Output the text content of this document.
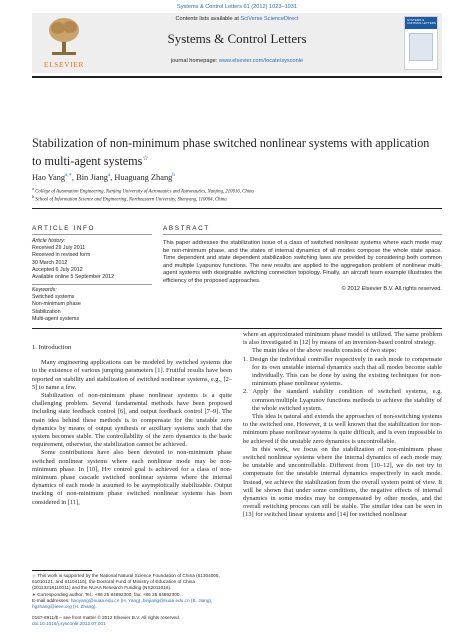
Systems & Control Letters 61 (2012) 1023–1031
ELSEVIER
Contents lists available at SciVerse ScienceDirect
Systems & Control Letters
journal homepage: www.elsevier.com/locate/sysconle
SYSTEMS & CONTROL LETTERS
Stabilization of non-minimum phase switched nonlinear systems with application to multi-agent systems☆
Hao Yang$^{a,∗}$, Bin Jiang$^a$, Huaguang Zhang$^b$
$^a$ College of Automation Engineering, Nanjing University of Aeronautics and Astronautics, Nanjing, 210016, China
$^b$ School of Information Science and Engineering, Northeastern University, Shenyang, 110004, China
ARTICLE INFO	ABSTRACT
Article history:
Received 29 July 2011
Received in revised form
30 March 2012
Accepted 6 July 2012
Available online 5 September 2012
Keywords:
Switched systems
Non-minimum phase
Stabilization
Multi-agent systems
This paper addresses the stabilization issue of a class of switched nonlinear systems where each mode may be non-minimum phase, and the states of internal dynamics of all modes compose the whole state space. Time dependent and state dependent stabilization switching laws are provided by considering both common and multiple Lyapunov functions. The new results are applied to the aggregation problem of nonlinear multi-agent systems with designable switching connection topology. Finally, an aircraft team example illustrates the efficiency of the proposed approaches.
© 2012 Elsevier B.V. All rights reserved.

1. Introduction

Many engineering applications can be modeled by switched systems due to the existence of various jumping parameters [1]. Fruitful results have been reported on stability and stabilization of switched nonlinear systems, e.g., [2–5] to name a few.

Stabilization of non-minimum phase nonlinear systems is a quite challenging problem. Several fundamental methods have been proposed including state feedback control [6], and output feedback control [7–9]. The main idea behind these methods is to compensate for the unstable zero dynamics by means of output synthesis or auxiliary systems such that the system becomes stable. The controllability of the zero dynamics is the basic requirement, otherwise, the stabilization cannot be achieved.

Some contributions have also been devoted to non-minimum phase switched nonlinear systems where each nonlinear mode may be non-minimum phase. In [10], H∞ control goal is achieved for a class of non-minimum phase cascade switched nonlinear systems where the internal dynamics of each mode is assumed to be asymptotically stabilizable. Output tracking of non-minimum phase switched nonlinear systems has been considered in [11],

where an approximated minimum phase model is utilized. The same problem is also investigated in [12] by means of an inversion-based control strategy.

The main idea of the above results consists of two steps:

1. Design the individual controller respectively in each mode to compensate for its own unstable internal dynamics such that all modes become stable individually. This can be done by using the existing techniques for non-minimum phase nonlinear systems.
2. Apply the standard stability condition of switched systems, e.g. common/multiple Lyapunov functions methods to achieve the stability of the whole switched system.

This idea is natural and extends the approaches of non-switching systems to the switched one. However, it is well known that the stabilization for non-minimum phase nonlinear systems is quite difficult, and is even impossible to be achieved if the unstable zero dynamics is uncontrollable.

In this work, we focus on the stabilization of non-minimum phase switched nonlinear systems where the internal dynamics of each mode may be unstable and uncontrollable. Different from [10–12], we do not try to compensate for the unstable internal dynamics respectively in each mode. Instead, we achieve the stabilization from the overall system point of view. It will be shown that under some conditions, the negative effects of internal dynamics in some modes may be compensated by other modes, and the overall switching process can still be stable. The similar idea can be seen in [13] for switched linear systems and [14] for switched nonlinear

☆ This work is supported by the National Natural Science Foundation of China (61304005, 61010121, and 61104116), the Doctoral Fund of Ministry of Education of China (20113218110011) and the NUAA Research Funding (NS2011016).
∗ Corresponding author. Tel.: +86 25 84892300; fax: +86 25 84892300.
E-mail addresses: haoyang@nuaa.edu.cn (H. Yang), binjiang@nuaa.edu.cn (B. Jiang), hgzhang@ieee.org (H. Zhang).
0167-6911/$ – see front matter © 2012 Elsevier B.V. All rights reserved.
doi:10.1016/j.sysconle.2012.07.001
